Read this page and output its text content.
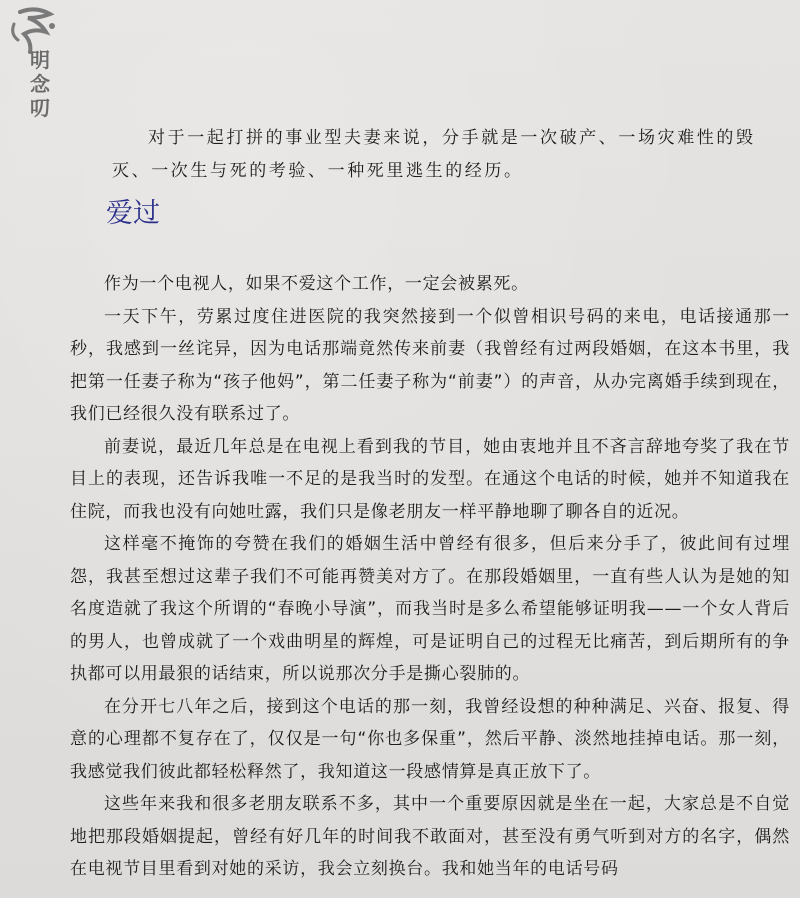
明念
叨

对于一起打拼的事业型夫妻来说，分手就是一次破产、一场灾难性的毁灭、一次生与死的考验、一种死里逃生的经历。

爱过

作为一个电视人，如果不爱这个工作，一定会被累死。

一天下午，劳累过度住进医院的我突然接到一个似曾相识号码的来电，电话接通那一秒，我感到一丝诧异，因为电话那端竟然传来前妻（我曾经有过两段婚姻，在这本书里，我把第一任妻子称为“孩子他妈”，第二任妻子称为“前妻”）的声音，从办完离婚手续到现在，我们已经很久没有联系过了。

前妻说，最近几年总是在电视上看到我的节目，她由衷地并且不吝言辞地夸奖了我在节目上的表现，还告诉我唯一不足的是我当时的发型。在通这个电话的时候，她并不知道我在住院，而我也没有向她吐露，我们只是像老朋友一样平静地聊了聊各自的近况。

这样毫不掩饰的夸赞在我们的婚姻生活中曾经有很多，但后来分手了，彼此间有过埋怨，我甚至想过这辈子我们不可能再赞美对方了。在那段婚姻里，一直有些人认为是她的知名度造就了我这个所谓的“春晚小导演”，而我当时是多么希望能够证明我——一个女人背后的男人，也曾成就了一个戏曲明星的辉煌，可是证明自己的过程无比痛苦，到后期所有的争执都可以用最狠的话结束，所以说那次分手是撕心裂肺的。

在分开七八年之后，接到这个电话的那一刻，我曾经设想的种种满足、兴奋、报复、得意的心理都不复存在了，仅仅是一句“你也多保重”，然后平静、淡然地挂掉电话。那一刻，我感觉我们彼此都轻松释然了，我知道这一段感情算是真正放下了。

这些年来我和很多老朋友联系不多，其中一个重要原因就是坐在一起，大家总是不自觉地把那段婚姻提起，曾经有好几年的时间我不敢面对，甚至没有勇气听到对方的名字，偶然在电视节目里看到对她的采访，我会立刻换台。我和她当年的电话号码
